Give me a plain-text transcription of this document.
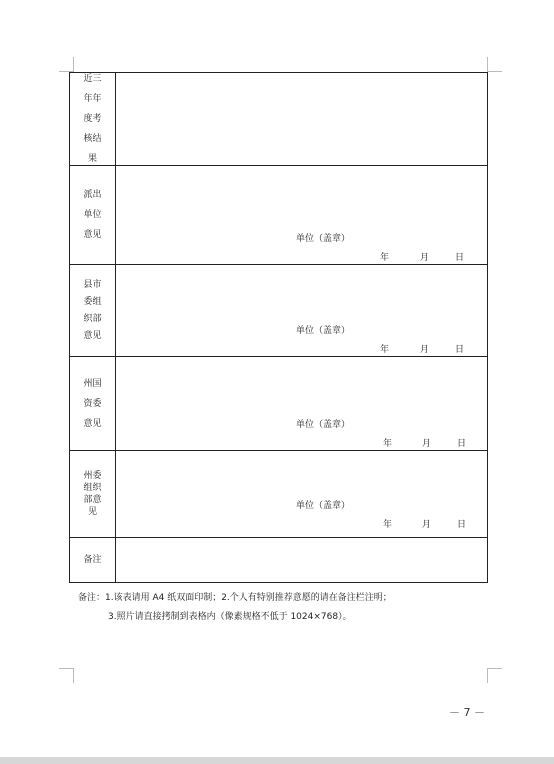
近三年年度考核结果
派出单位意见	单位（盖章）
年	月	日
县市委组织部意见	单位（盖章）
年	月	日
州国资委意见	单位（盖章）
年	月	日
州委组织部意见
单位（盖章）
年	月	日
备注
备注：1.该表请用 A4 纸双面印制；2.个人有特别推荐意愿的请在备注栏注明；
3.照片请直接拷制到表格内（像素规格不低于 1024×768）。
－ 7 －
